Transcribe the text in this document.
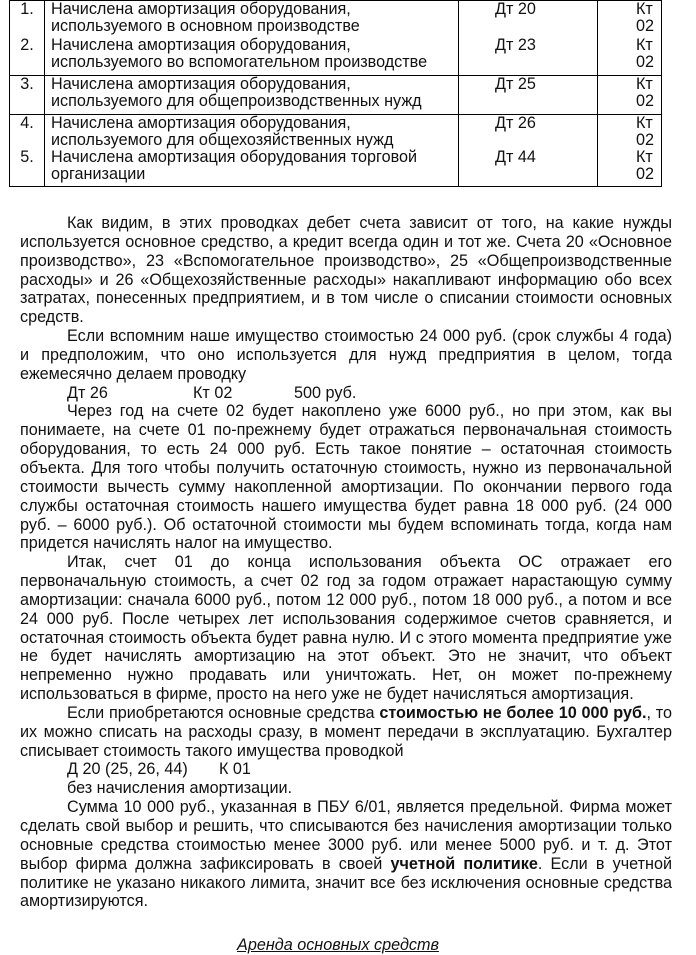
1.	Начислена амортизация оборудования, используемого в основном производстве	Дт 20	Кт 02
2.	Начислена амортизация оборудования, используемого во вспомогательном производстве	Дт 23	Кт 02
3.	Начислена амортизация оборудования, используемого для общепроизводственных нужд	Дт 25	Кт 02
4.	Начислена амортизация оборудования, используемого для общехозяйственных нужд	Дт 26	Кт 02
5.	Начислена амортизация оборудования торговой организации	Дт 44	Кт 02

Как видим, в этих проводках дебет счета зависит от того, на какие нужды используется основное средство, а кредит всегда один и тот же. Счета 20 «Основное производство», 23 «Вспомогательное производство», 25 «Общепроизводственные расходы» и 26 «Общехозяйственные расходы» накапливают информацию обо всех затратах, понесенных предприятием, и в том числе о списании стоимости основных средств.

Если вспомним наше имущество стоимостью 24 000 руб. (срок службы 4 года) и предположим, что оно используется для нужд предприятия в целом, тогда ежемесячно делаем проводку

Дт 26	Кт 02	500 руб.

Через год на счете 02 будет накоплено уже 6000 руб., но при этом, как вы понимаете, на счете 01 по-прежнему будет отражаться первоначальная стоимость оборудования, то есть 24 000 руб. Есть такое понятие – остаточная стоимость объекта. Для того чтобы получить остаточную стоимость, нужно из первоначальной стоимости вычесть сумму накопленной амортизации. По окончании первого года службы остаточная стоимость нашего имущества будет равна 18 000 руб. (24 000 руб. – 6000 руб.). Об остаточной стоимости мы будем вспоминать тогда, когда нам придется начислять налог на имущество.

Итак, счет 01 до конца использования объекта ОС отражает его первоначальную стоимость, а счет 02 год за годом отражает нарастающую сумму амортизации: сначала 6000 руб., потом 12 000 руб., потом 18 000 руб., а потом и все 24 000 руб. После четырех лет использования содержимое счетов сравняется, и остаточная стоимость объекта будет равна нулю. И с этого момента предприятие уже не будет начислять амортизацию на этот объект. Это не значит, что объект непременно нужно продавать или уничтожать. Нет, он может по-прежнему использоваться в фирме, просто на него уже не будет начисляться амортизация.

Если приобретаются основные средства стоимостью не более 10 000 руб., то их можно списать на расходы сразу, в момент передачи в эксплуатацию. Бухгалтер списывает стоимость такого имущества проводкой

Д 20 (25, 26, 44) К 01
без начисления амортизации.

Сумма 10 000 руб., указанная в ПБУ 6/01, является предельной. Фирма может сделать свой выбор и решить, что списываются без начисления амортизации только основные средства стоимостью менее 3000 руб. или менее 5000 руб. и т. д. Этот выбор фирма должна зафиксировать в своей учетной политике. Если в учетной политике не указано никакого лимита, значит все без исключения основные средства амортизируются.

Аренда основных средств
